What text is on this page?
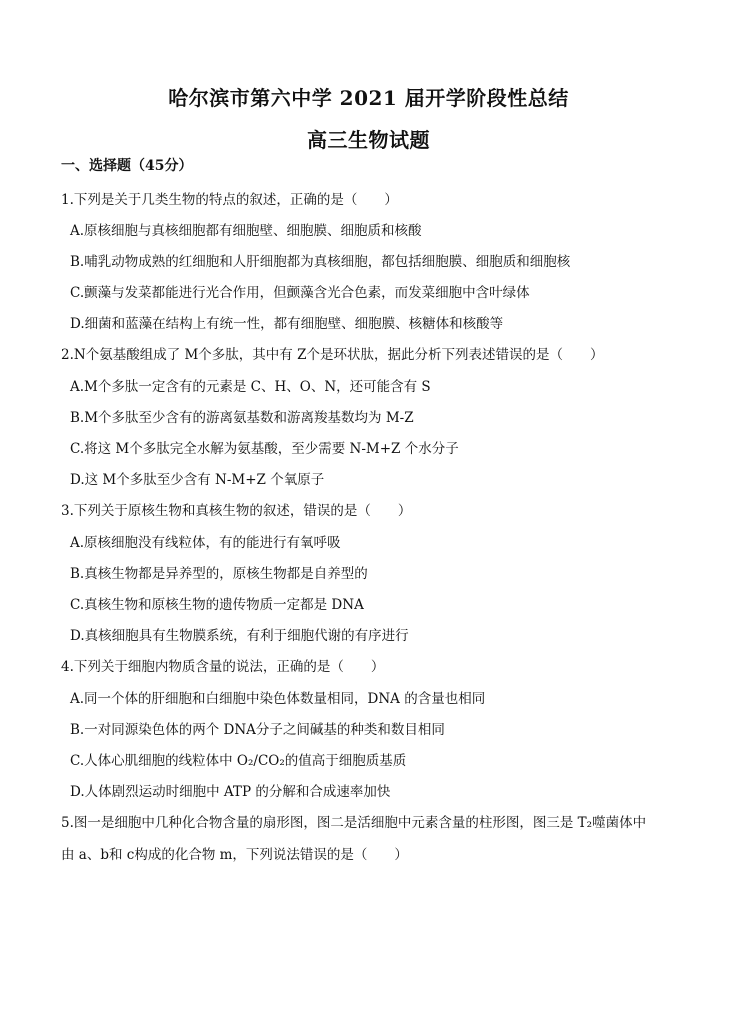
哈尔滨市第六中学 2021 届开学阶段性总结
高三生物试题
一、选择题（45分）
1.下列是关于几类生物的特点的叙述，正确的是（　　）
A.原核细胞与真核细胞都有细胞壁、细胞膜、细胞质和核酸
B.哺乳动物成熟的红细胞和人肝细胞都为真核细胞，都包括细胞膜、细胞质和细胞核
C.颤藻与发菜都能进行光合作用，但颤藻含光合色素，而发菜细胞中含叶绿体
D.细菌和蓝藻在结构上有统一性，都有细胞壁、细胞膜、核糖体和核酸等
2.N个氨基酸组成了 M个多肽，其中有 Z个是环状肽，据此分析下列表述错误的是（　　）
A.M个多肽一定含有的元素是 C、H、O、N，还可能含有 S
B.M个多肽至少含有的游离氨基数和游离羧基数均为 M-Z
C.将这 M个多肽完全水解为氨基酸，至少需要 N-M+Z 个水分子
D.这 M个多肽至少含有 N-M+Z 个氧原子
3.下列关于原核生物和真核生物的叙述，错误的是（　　）
A.原核细胞没有线粒体，有的能进行有氧呼吸
B.真核生物都是异养型的，原核生物都是自养型的
C.真核生物和原核生物的遗传物质一定都是 DNA
D.真核细胞具有生物膜系统，有利于细胞代谢的有序进行
4.下列关于细胞内物质含量的说法，正确的是（　　）
A.同一个体的肝细胞和白细胞中染色体数量相同，DNA 的含量也相同
B.一对同源染色体的两个 DNA分子之间碱基的种类和数目相同
C.人体心肌细胞的线粒体中 O₂/CO₂的值高于细胞质基质
D.人体剧烈运动时细胞中 ATP 的分解和合成速率加快
5.图一是细胞中几种化合物含量的扇形图，图二是活细胞中元素含量的柱形图，图三是 T₂噬菌体中
由 a、b和 c构成的化合物 m，下列说法错误的是（　　）
